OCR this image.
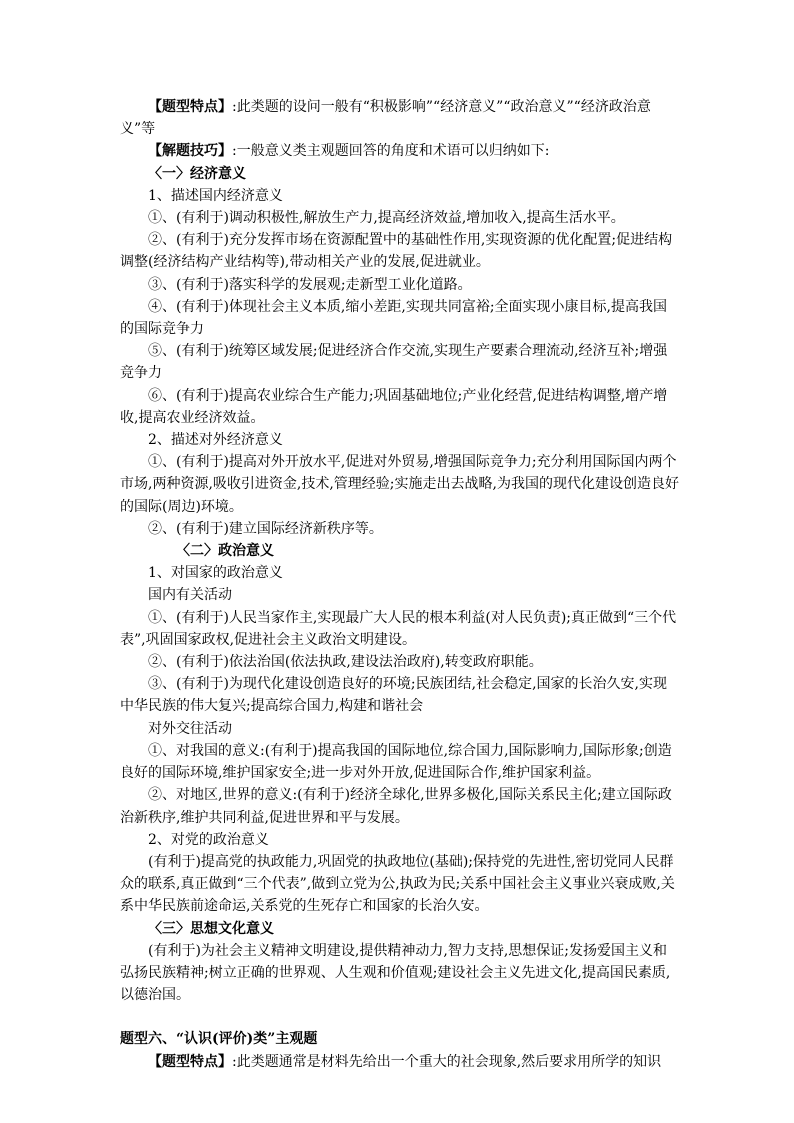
【题型特点】:此类题的设问一般有“积极影响”“经济意义”“政治意义”“经济政治意义”等

【解题技巧】:一般意义类主观题回答的角度和术语可以归纳如下:

〈一〉经济意义

1、描述国内经济意义

①、(有利于)调动积极性,解放生产力,提高经济效益,增加收入,提高生活水平。

②、(有利于)充分发挥市场在资源配置中的基础性作用,实现资源的优化配置;促进结构调整(经济结构产业结构等),带动相关产业的发展,促进就业。

③、(有利于)落实科学的发展观;走新型工业化道路。

④、(有利于)体现社会主义本质,缩小差距,实现共同富裕;全面实现小康目标,提高我国的国际竞争力

⑤、(有利于)统筹区域发展;促进经济合作交流,实现生产要素合理流动,经济互补;增强竞争力

⑥、(有利于)提高农业综合生产能力;巩固基础地位;产业化经营,促进结构调整,增产增收,提高农业经济效益。

2、描述对外经济意义

①、(有利于)提高对外开放水平,促进对外贸易,增强国际竞争力;充分利用国际国内两个市场,两种资源,吸收引进资金,技术,管理经验;实施走出去战略,为我国的现代化建设创造良好的国际(周边)环境。

②、(有利于)建立国际经济新秩序等。

〈二〉政治意义

1、对国家的政治意义

国内有关活动

①、(有利于)人民当家作主,实现最广大人民的根本利益(对人民负责);真正做到“三个代表”,巩固国家政权,促进社会主义政治文明建设。

②、(有利于)依法治国(依法执政,建设法治政府),转变政府职能。

③、(有利于)为现代化建设创造良好的环境;民族团结,社会稳定,国家的长治久安,实现中华民族的伟大复兴;提高综合国力,构建和谐社会

对外交往活动

①、对我国的意义:(有利于)提高我国的国际地位,综合国力,国际影响力,国际形象;创造良好的国际环境,维护国家安全;进一步对外开放,促进国际合作,维护国家利益。

②、对地区,世界的意义:(有利于)经济全球化,世界多极化,国际关系民主化;建立国际政治新秩序,维护共同利益,促进世界和平与发展。

2、对党的政治意义

(有利于)提高党的执政能力,巩固党的执政地位(基础);保持党的先进性,密切党同人民群众的联系,真正做到“三个代表”,做到立党为公,执政为民;关系中国社会主义事业兴衰成败,关系中华民族前途命运,关系党的生死存亡和国家的长治久安。

〈三〉思想文化意义

(有利于)为社会主义精神文明建设,提供精神动力,智力支持,思想保证;发扬爱国主义和弘扬民族精神;树立正确的世界观、人生观和价值观;建设社会主义先进文化,提高国民素质,以德治国。

题型六、“认识(评价)类”主观题

【题型特点】:此类题通常是材料先给出一个重大的社会现象,然后要求用所学的知识
